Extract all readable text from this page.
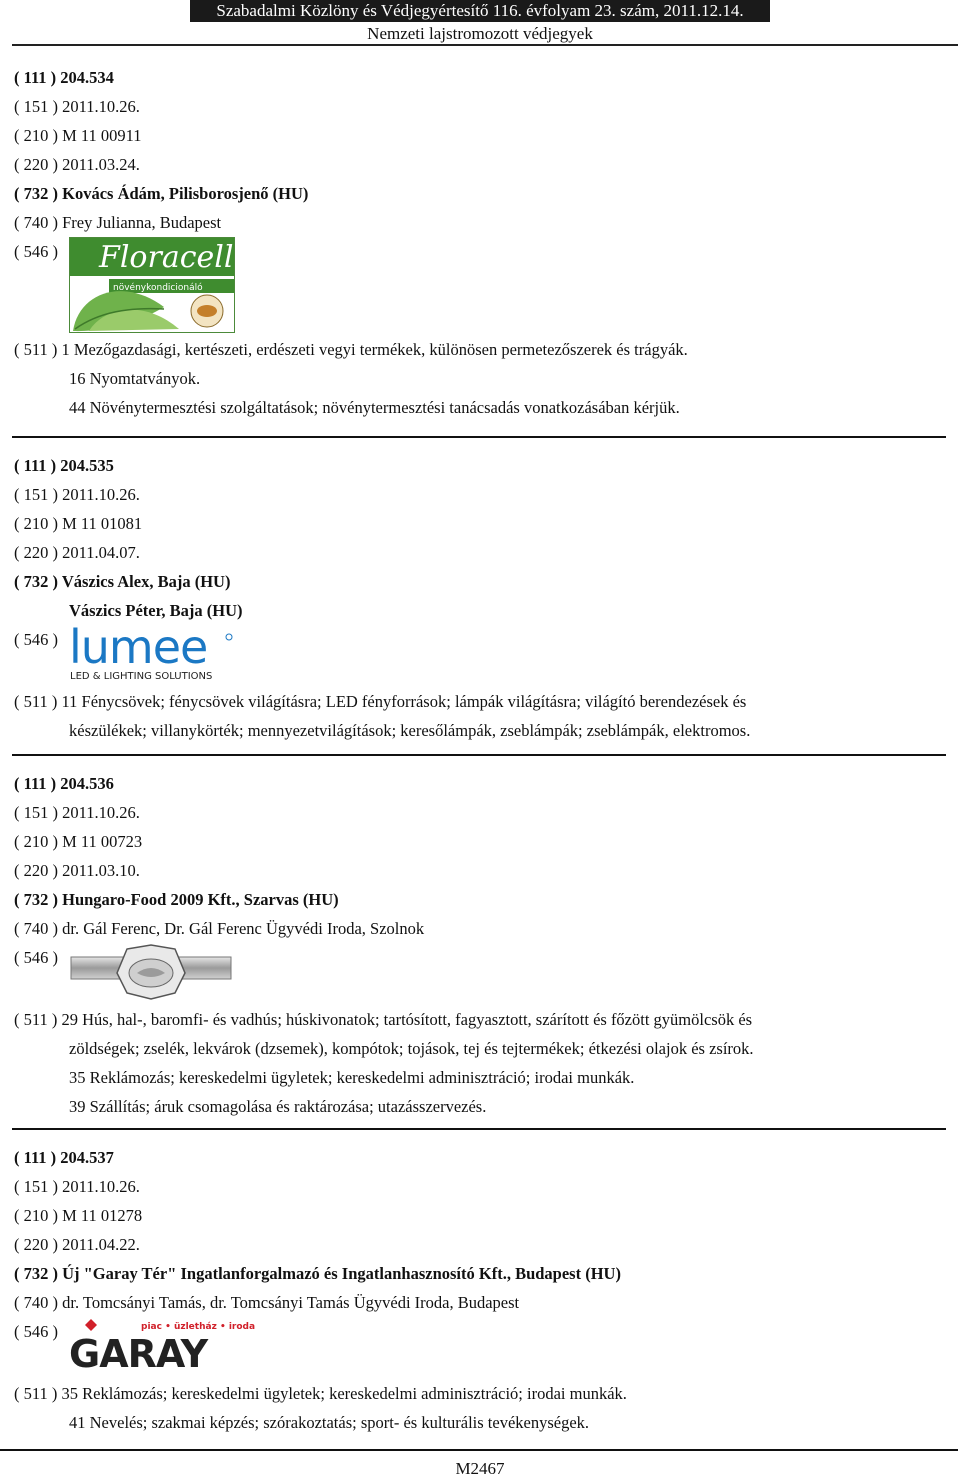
Szabadalmi Közlöny és Védjegyértesítő 116. évfolyam 23. szám, 2011.12.14.
Nemzeti lajstromozott védjegyek
( 111 ) 204.534
( 151 ) 2011.10.26.
( 210 ) M 11 00911
( 220 ) 2011.03.24.
( 732 ) Kovács Ádám, Pilisborosjenő (HU)
( 740 ) Frey Julianna, Budapest
( 546 )	Floracell
növénykondicionáló
( 511 ) 1 Mezőgazdasági, kertészeti, erdészeti vegyi termékek, különösen permetezőszerek és trágyák.
16 Nyomtatványok.
44 Növénytermesztési szolgáltatások; növénytermesztési tanácsadás vonatkozásában kérjük.
( 111 ) 204.535
( 151 ) 2011.10.26.
( 210 ) M 11 01081
( 220 ) 2011.04.07.
( 732 ) Vászics Alex, Baja (HU)
Vászics Péter, Baja (HU)
( 546 ) lumee
LED & LIGHTING SOLUTIONS
( 511 ) 11 Fénycsövek; fénycsövek világításra; LED fényforrások; lámpák világításra; világító berendezések és
készülékek; villanykörték; mennyezetvilágítások; keresőlámpák, zseblámpák; zseblámpák, elektromos.
( 111 ) 204.536
( 151 ) 2011.10.26.
( 210 ) M 11 00723
( 220 ) 2011.03.10.
( 732 ) Hungaro-Food 2009 Kft., Szarvas (HU)
( 740 ) dr. Gál Ferenc, Dr. Gál Ferenc Ügyvédi Iroda, Szolnok
( 546 )
( 511 ) 29 Hús, hal-, baromfi- és vadhús; húskivonatok; tartósított, fagyasztott, szárított és főzött gyümölcsök és
zöldségek; zselék, lekvárok (dzsemek), kompótok; tojások, tej és tejtermékek; étkezési olajok és zsírok.
35 Reklámozás; kereskedelmi ügyletek; kereskedelmi adminisztráció; irodai munkák.
39 Szállítás; áruk csomagolása és raktározása; utazásszervezés.
( 111 ) 204.537
( 151 ) 2011.10.26.
( 210 ) M 11 01278
( 220 ) 2011.04.22.
( 732 ) Új "Garay Tér" Ingatlanforgalmazó és Ingatlanhasznosító Kft., Budapest (HU)
( 740 ) dr. Tomcsányi Tamás, dr. Tomcsányi Tamás Ügyvédi Iroda, Budapest
( 546 )	piac • üzletház • iroda
GARAY
( 511 ) 35 Reklámozás; kereskedelmi ügyletek; kereskedelmi adminisztráció; irodai munkák.
41 Nevelés; szakmai képzés; szórakoztatás; sport- és kulturális tevékenységek.
M2467
